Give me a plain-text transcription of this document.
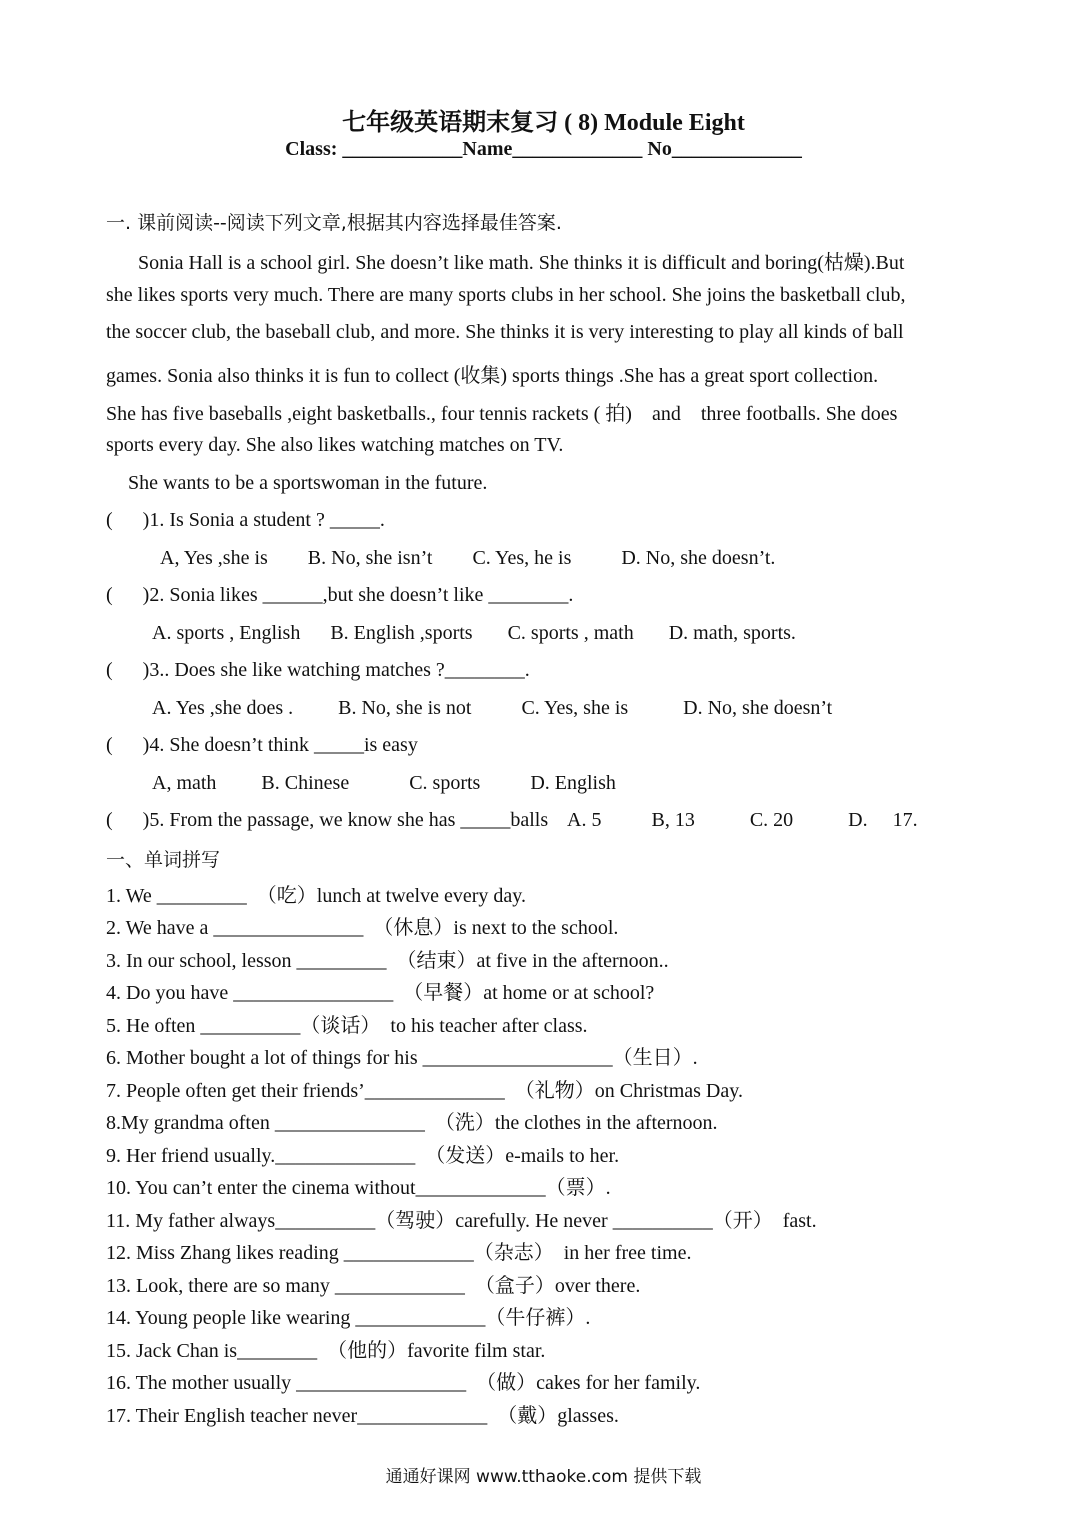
七年级英语期末复习 ( 8) Module Eight
Class: ____________Name_____________ No_____________
一. 课前阅读--阅读下列文章,根据其内容选择最佳答案.
Sonia Hall is a school girl. She doesn’t like math. She thinks it is difficult and boring(枯燥).But
she likes sports very much. There are many sports clubs in her school. She joins the basketball club,
the soccer club, the baseball club, and more. She thinks it is very interesting to play all kinds of ball
games. Sonia also thinks it is fun to collect (收集) sports things .She has a great sport collection.
She has five baseballs ,eight basketballs., four tennis rackets ( 拍)    and    three footballs. She does
sports every day. She also likes watching matches on TV.
She wants to be a sportswoman in the future.
(      )1. Is Sonia a student ? _____.
A, Yes ,she is        B. No, she isn’t        C. Yes, he is          D. No, she doesn’t.
(      )2. Sonia likes ______,but she doesn’t like ________.
A. sports , English      B. English ,sports       C. sports , math       D. math, sports.
(      )3.. Does she like watching matches ?________.
A. Yes ,she does .         B. No, she is not          C. Yes, she is           D. No, she doesn’t
(      )4. She doesn’t think _____is easy
A, math         B. Chinese            C. sports          D. English
(      )5. From the passage, we know she has _____balls    A. 5          B, 13           C. 20           D.     17.
一、单词拼写
1. We _________  （吃）lunch at twelve every day.
2. We have a _______________  （休息）is next to the school.
3. In our school, lesson _________  （结束）at five in the afternoon..
4. Do you have ________________  （早餐）at home or at school?
5. He often __________（谈话）  to his teacher after class.
6. Mother bought a lot of things for his ___________________（生日）.
7. People often get their friends’______________  （礼物）on Christmas Day.
8.My grandma often _______________  （洗）the clothes in the afternoon.
9. Her friend usually.______________  （发送）e-mails to her.
10. You can’t enter the cinema without_____________（票）.
11. My father always__________（驾驶）carefully. He never __________（开）  fast.
12. Miss Zhang likes reading _____________（杂志）  in her free time.
13. Look, there are so many _____________  （盒子）over there.
14. Young people like wearing _____________（牛仔裤）.
15. Jack Chan is________  （他的）favorite film star.
16. The mother usually _________________  （做）cakes for her family.
17. Their English teacher never_____________  （戴）glasses.
通通好课网 www.tthaoke.com 提供下载
